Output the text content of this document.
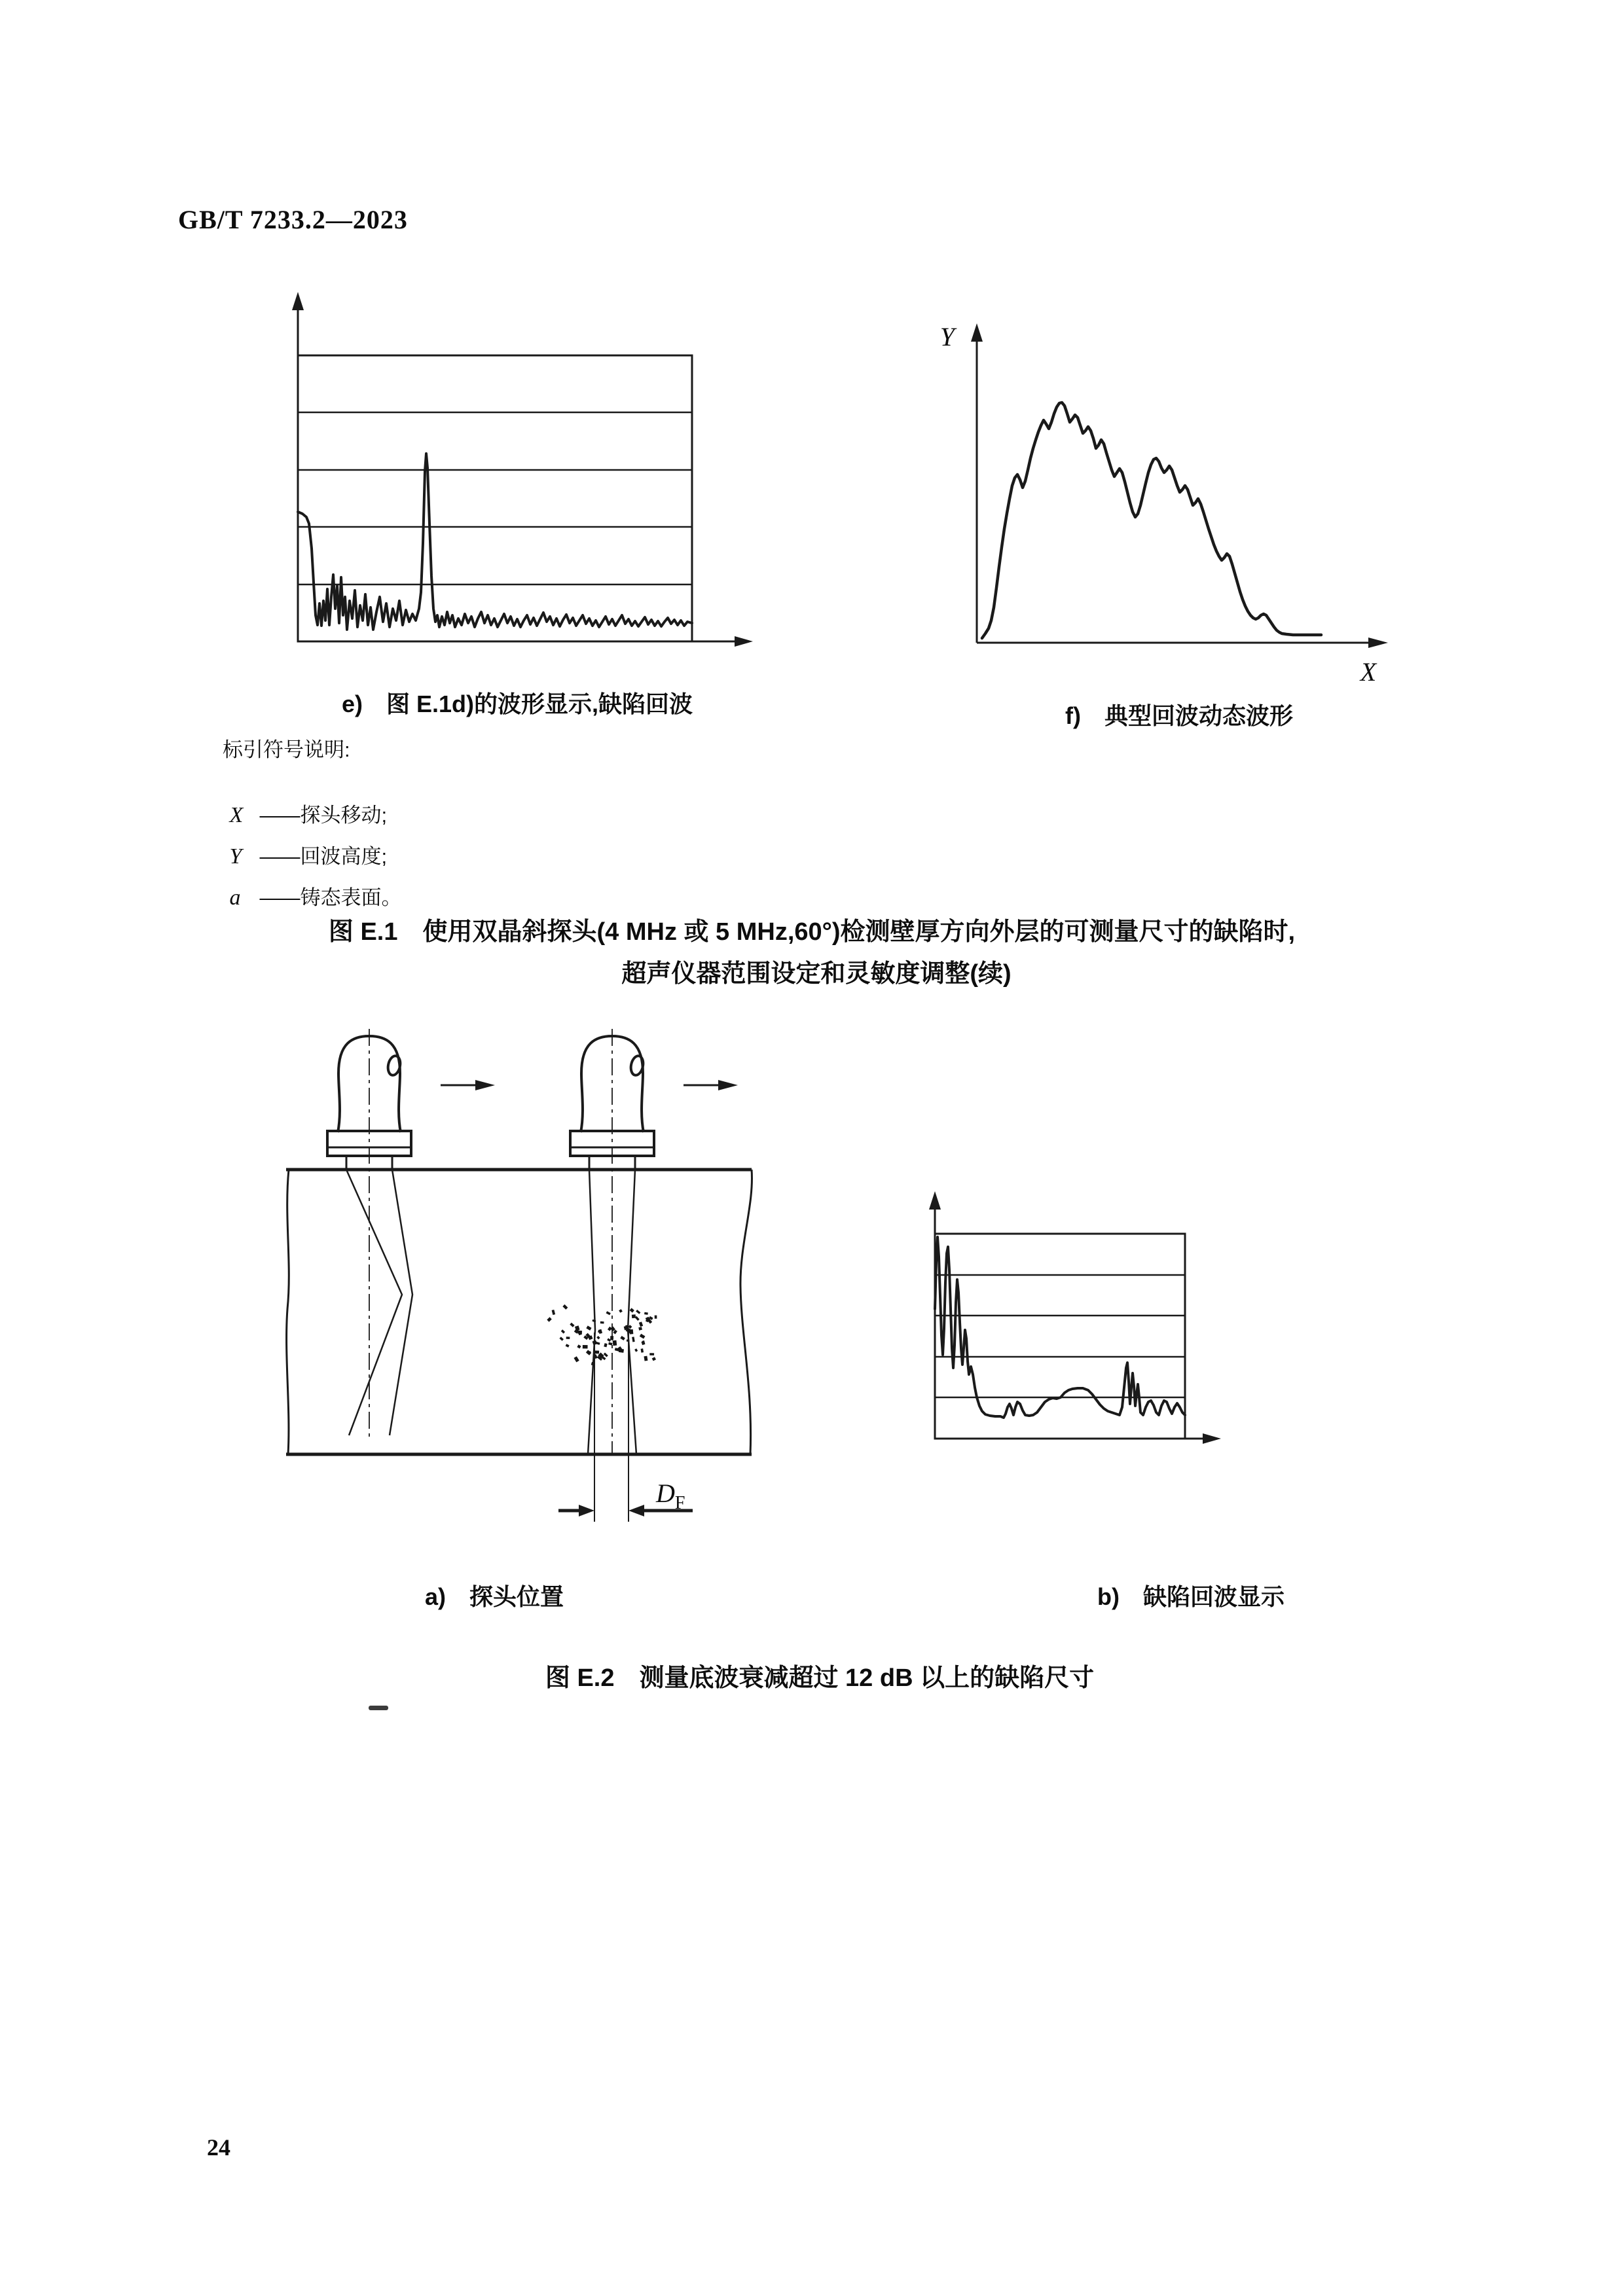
GB/T 7233.2—2023
e)　图 E.1d)的波形显示,缺陷回波
Y
X
f)　典型回波动态波形
标引符号说明:

X ——探头移动;

Y ——回波高度;

a ——铸态表面。

图 E.1　使用双晶斜探头(4 MHz 或 5 MHz,60°)检测壁厚方向外层的可测量尺寸的缺陷时,
超声仪器范围设定和灵敏度调整(续)
$D_F$
a)　探头位置	b)　缺陷回波显示
图 E.2　测量底波衰减超过 12 dB 以上的缺陷尺寸
24
